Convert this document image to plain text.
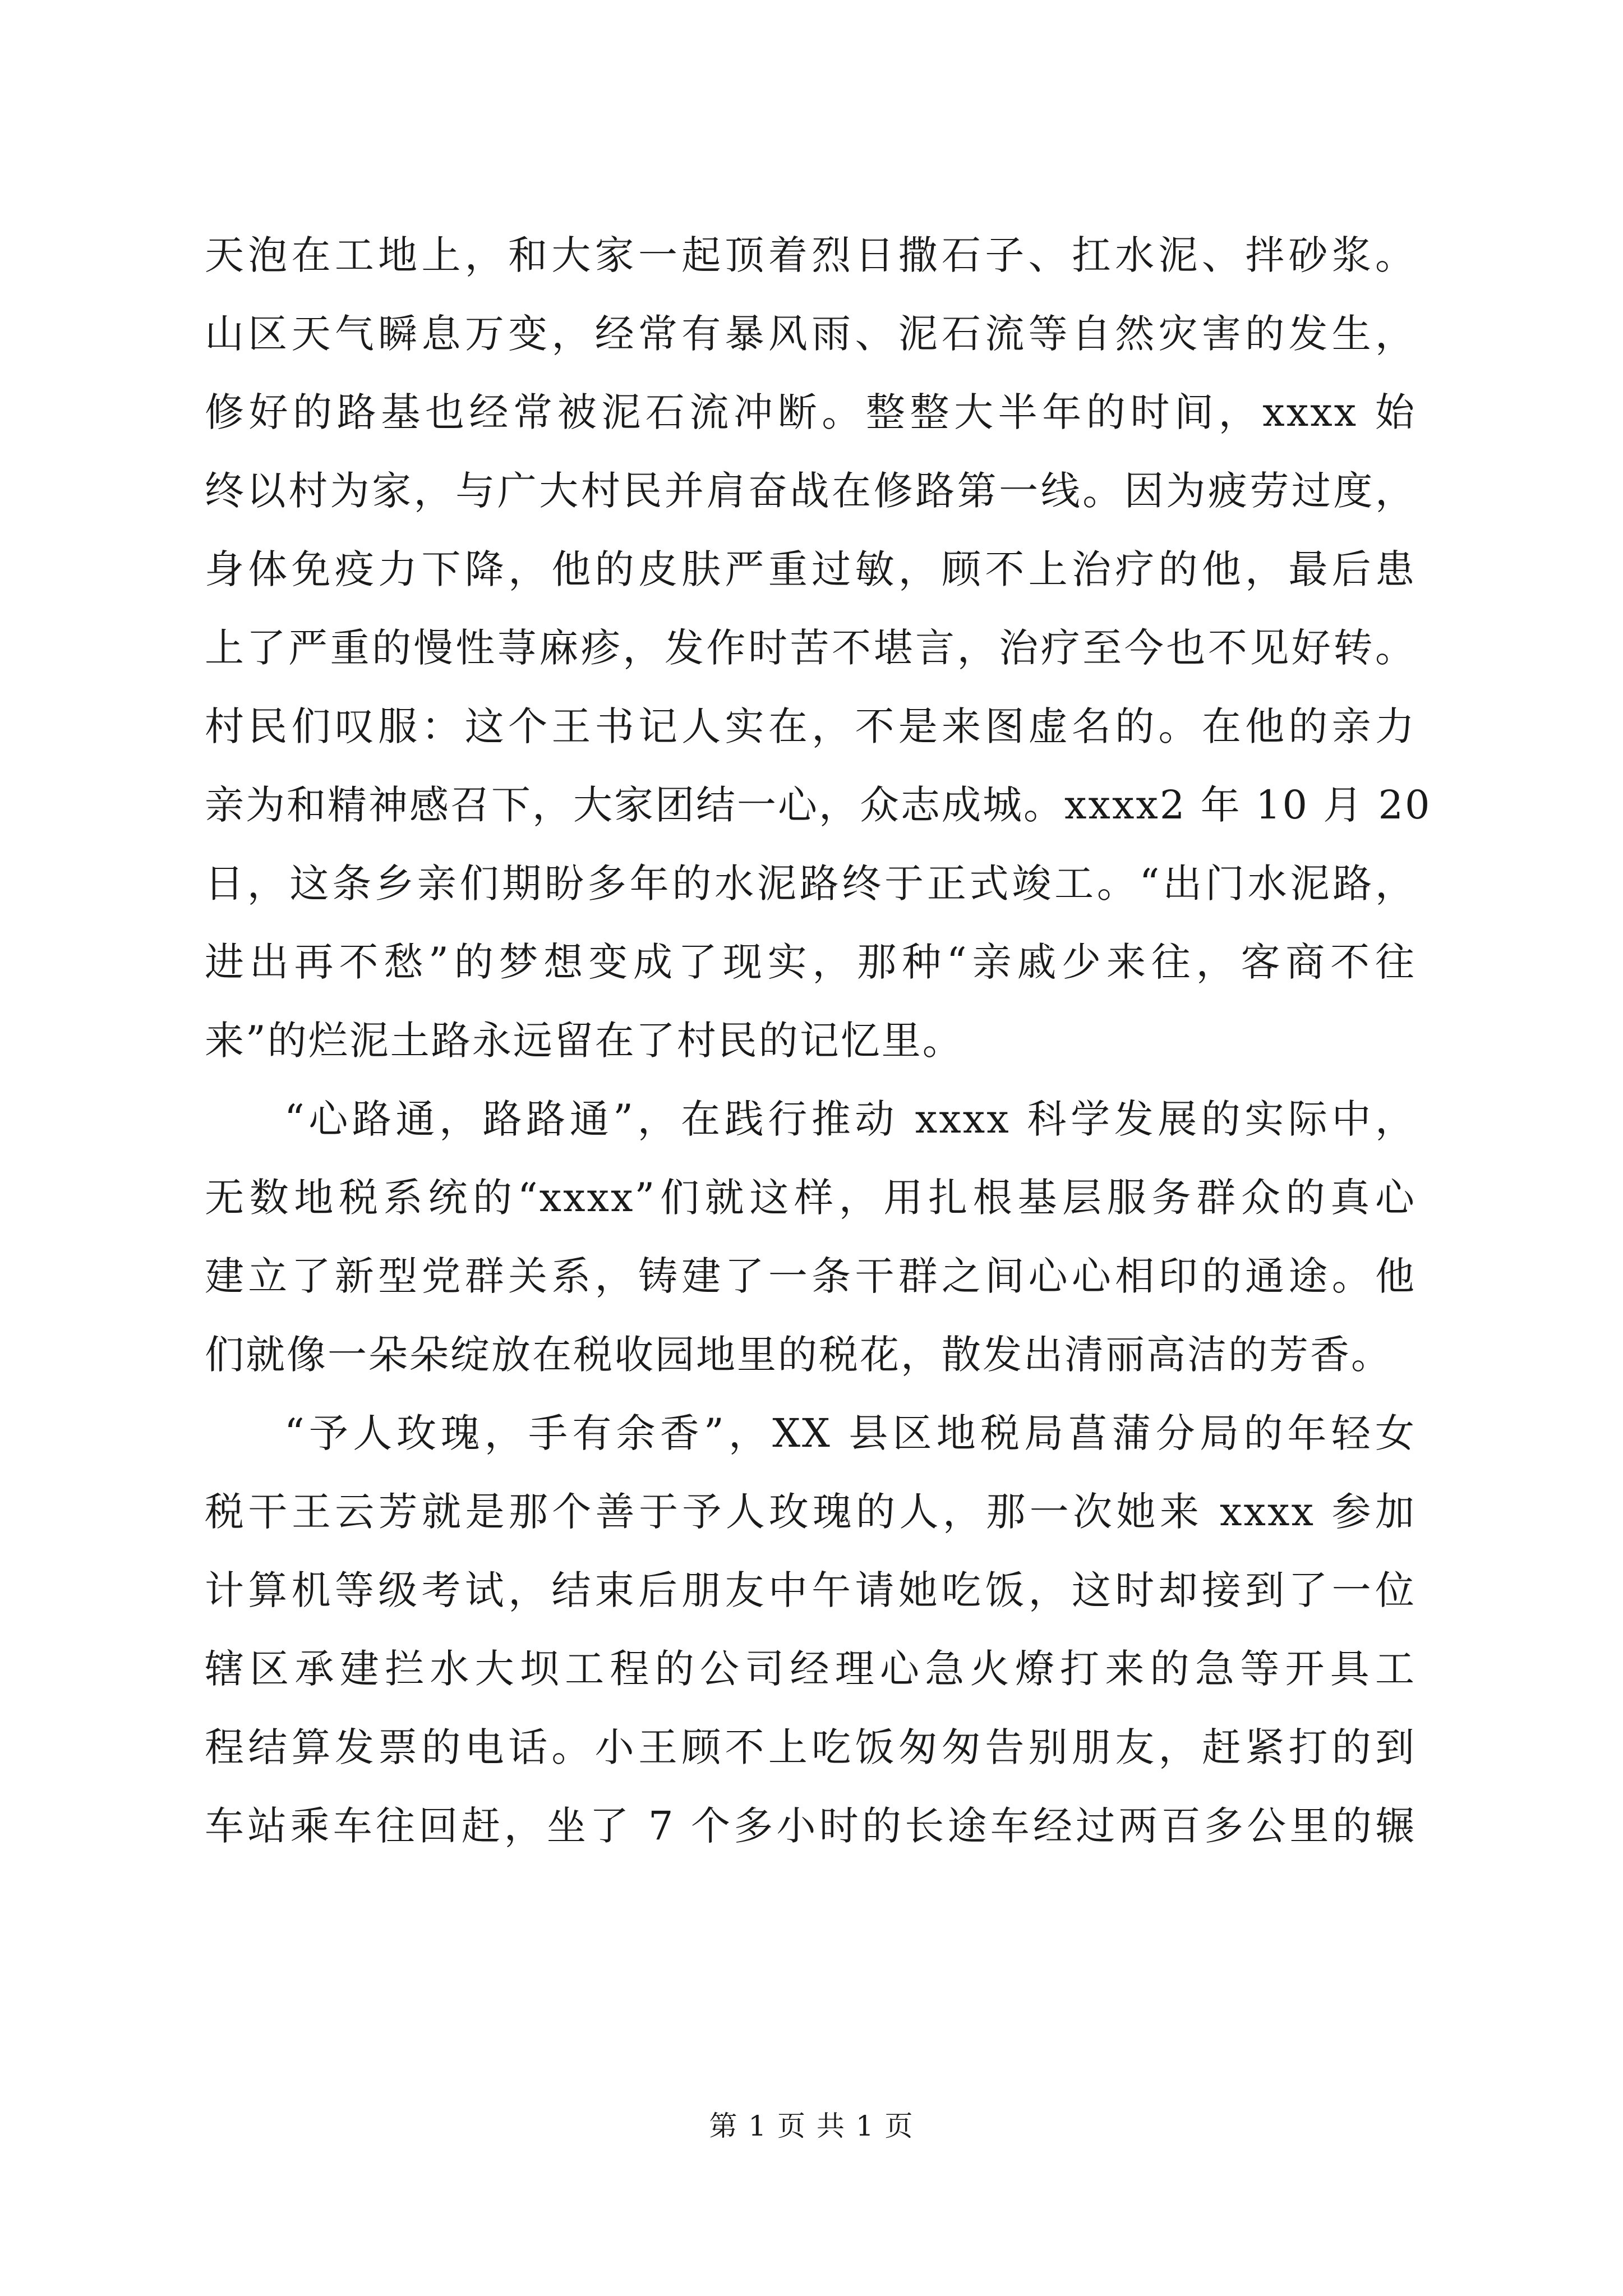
天泡在工地上，和大家一起顶着烈日撒石子、扛水泥、拌砂浆。
山区天气瞬息万变，经常有暴风雨、泥石流等自然灾害的发生，
修好的路基也经常被泥石流冲断。整整大半年的时间，xxxx 始
终以村为家，与广大村民并肩奋战在修路第一线。因为疲劳过度，
身体免疫力下降，他的皮肤严重过敏，顾不上治疗的他，最后患
上了严重的慢性荨麻疹，发作时苦不堪言，治疗至今也不见好转。
村民们叹服：这个王书记人实在，不是来图虚名的。在他的亲力
亲为和精神感召下，大家团结一心，众志成城。xxxx2 年 10 月 20
日，这条乡亲们期盼多年的水泥路终于正式竣工。“出门水泥路，
进出再不愁”的梦想变成了现实，那种“亲戚少来往，客商不往
来”的烂泥土路永远留在了村民的记忆里。
“心路通，路路通”，在践行推动 xxxx 科学发展的实际中，
无数地税系统的“xxxx”们就这样，用扎根基层服务群众的真心
建立了新型党群关系，铸建了一条干群之间心心相印的通途。他
们就像一朵朵绽放在税收园地里的税花，散发出清丽高洁的芳香。
“予人玫瑰，手有余香”，XX 县区地税局菖蒲分局的年轻女
税干王云芳就是那个善于予人玫瑰的人，那一次她来 xxxx 参加
计算机等级考试，结束后朋友中午请她吃饭，这时却接到了一位
辖区承建拦水大坝工程的公司经理心急火燎打来的急等开具工
程结算发票的电话。小王顾不上吃饭匆匆告别朋友，赶紧打的到
车站乘车往回赶，坐了 7 个多小时的长途车经过两百多公里的辗
第 1 页 共 1 页
